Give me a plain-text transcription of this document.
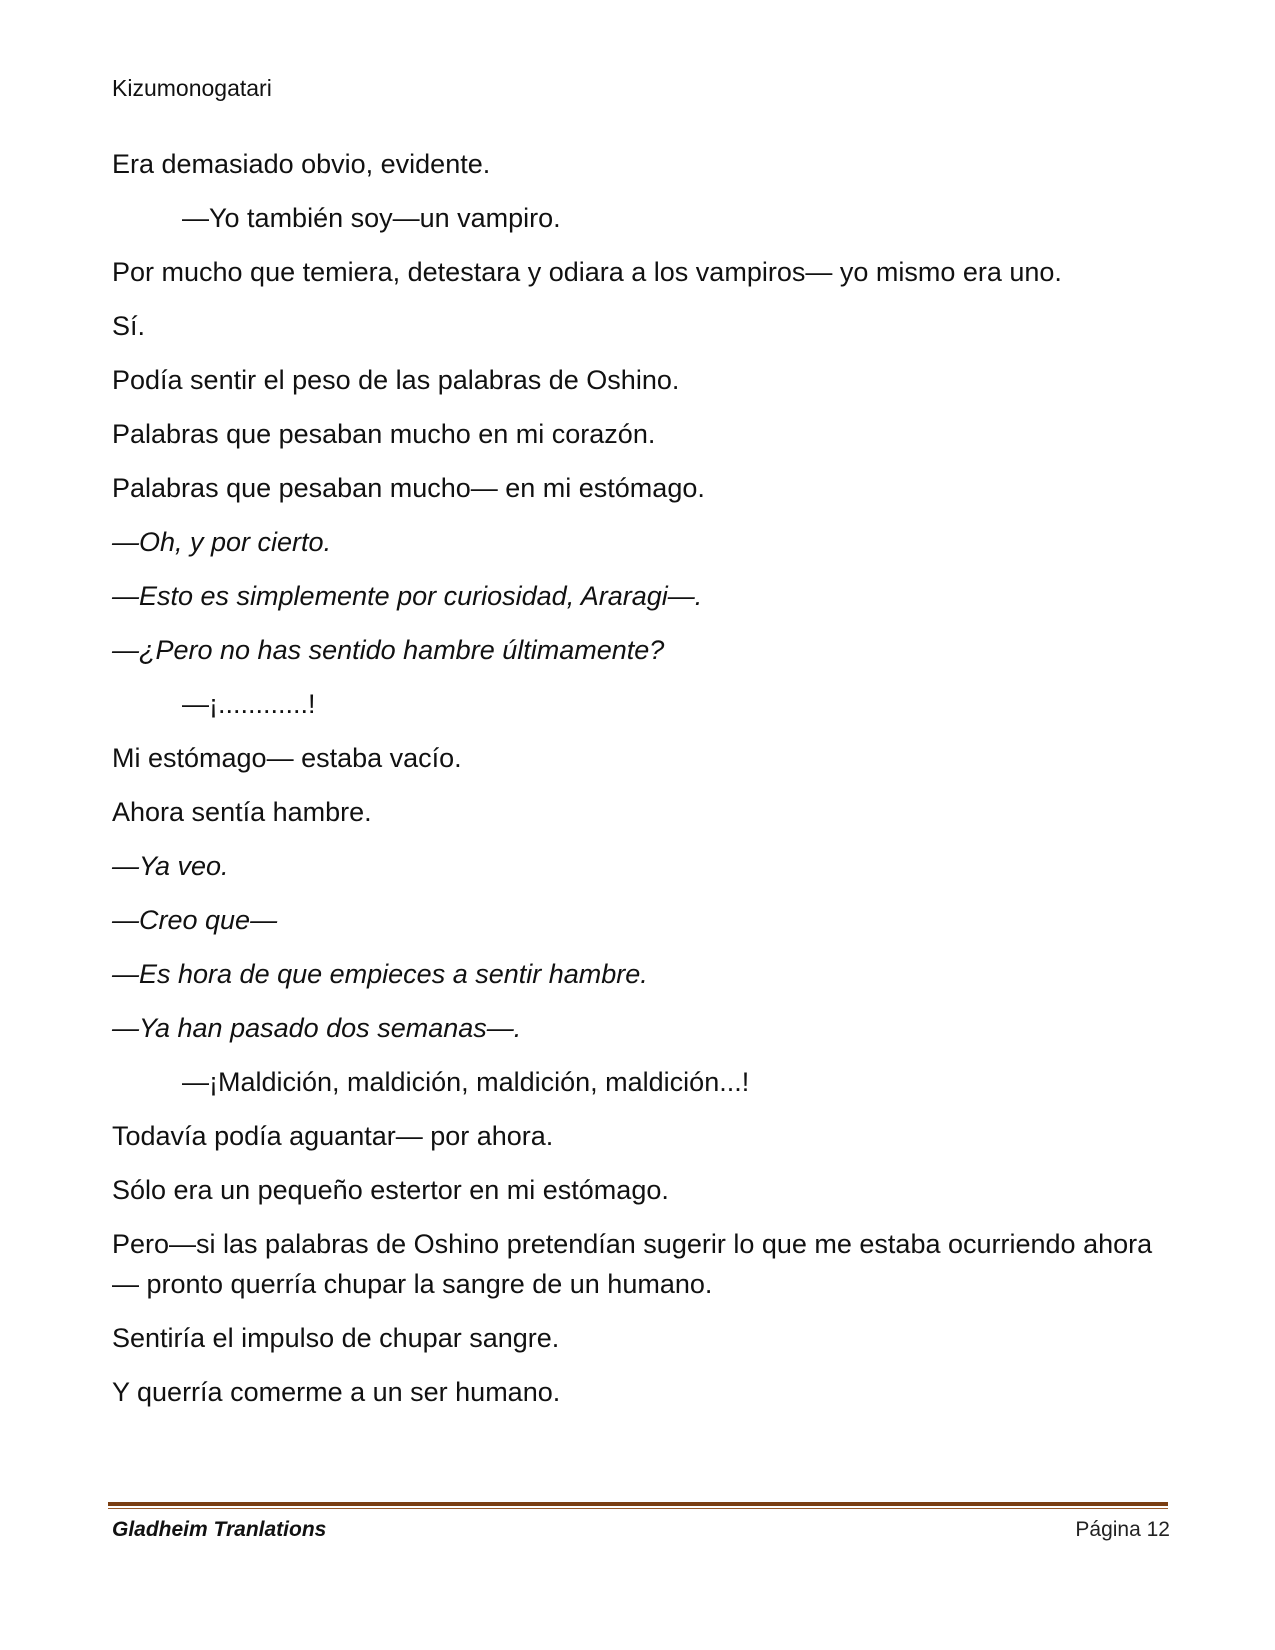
Kizumonogatari

Era demasiado obvio, evidente.

—Yo también soy—un vampiro.

Por mucho que temiera, detestara y odiara a los vampiros— yo mismo era uno.

Sí.

Podía sentir el peso de las palabras de Oshino.

Palabras que pesaban mucho en mi corazón.

Palabras que pesaban mucho— en mi estómago.

—Oh, y por cierto.

—Esto es simplemente por curiosidad, Araragi—.

—¿Pero no has sentido hambre últimamente?

—¡............!

Mi estómago— estaba vacío.

Ahora sentía hambre.

—Ya veo.

—Creo que—

—Es hora de que empieces a sentir hambre.

—Ya han pasado dos semanas—.

—¡Maldición, maldición, maldición, maldición...!

Todavía podía aguantar— por ahora.

Sólo era un pequeño estertor en mi estómago.

Pero—si las palabras de Oshino pretendían sugerir lo que me estaba ocurriendo ahora— pronto querría chupar la sangre de un humano.

Sentiría el impulso de chupar sangre.

Y querría comerme a un ser humano.

Gladheim Tranlations	Página 12
